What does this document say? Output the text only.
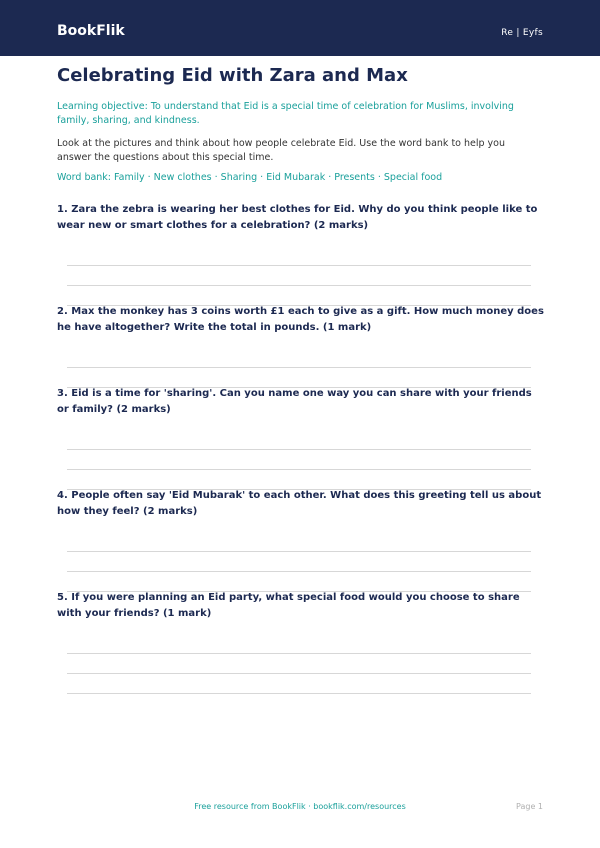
BookFlik	Re | Eyfs
Celebrating Eid with Zara and Max
Learning objective: To understand that Eid is a special time of celebration for Muslims, involving family, sharing, and kindness.
Look at the pictures and think about how people celebrate Eid. Use the word bank to help you answer the questions about this special time.
Word bank: Family · New clothes · Sharing · Eid Mubarak · Presents · Special food
1. Zara the zebra is wearing her best clothes for Eid. Why do you think people like to wear new or smart clothes for a celebration? (2 marks)
2. Max the monkey has 3 coins worth £1 each to give as a gift. How much money does he have altogether? Write the total in pounds. (1 mark)
3. Eid is a time for 'sharing'. Can you name one way you can share with your friends or family? (2 marks)
4. People often say 'Eid Mubarak' to each other. What does this greeting tell us about how they feel? (2 marks)
5. If you were planning an Eid party, what special food would you choose to share with your friends? (1 mark)
Free resource from BookFlik · bookflik.com/resources	Page 1
